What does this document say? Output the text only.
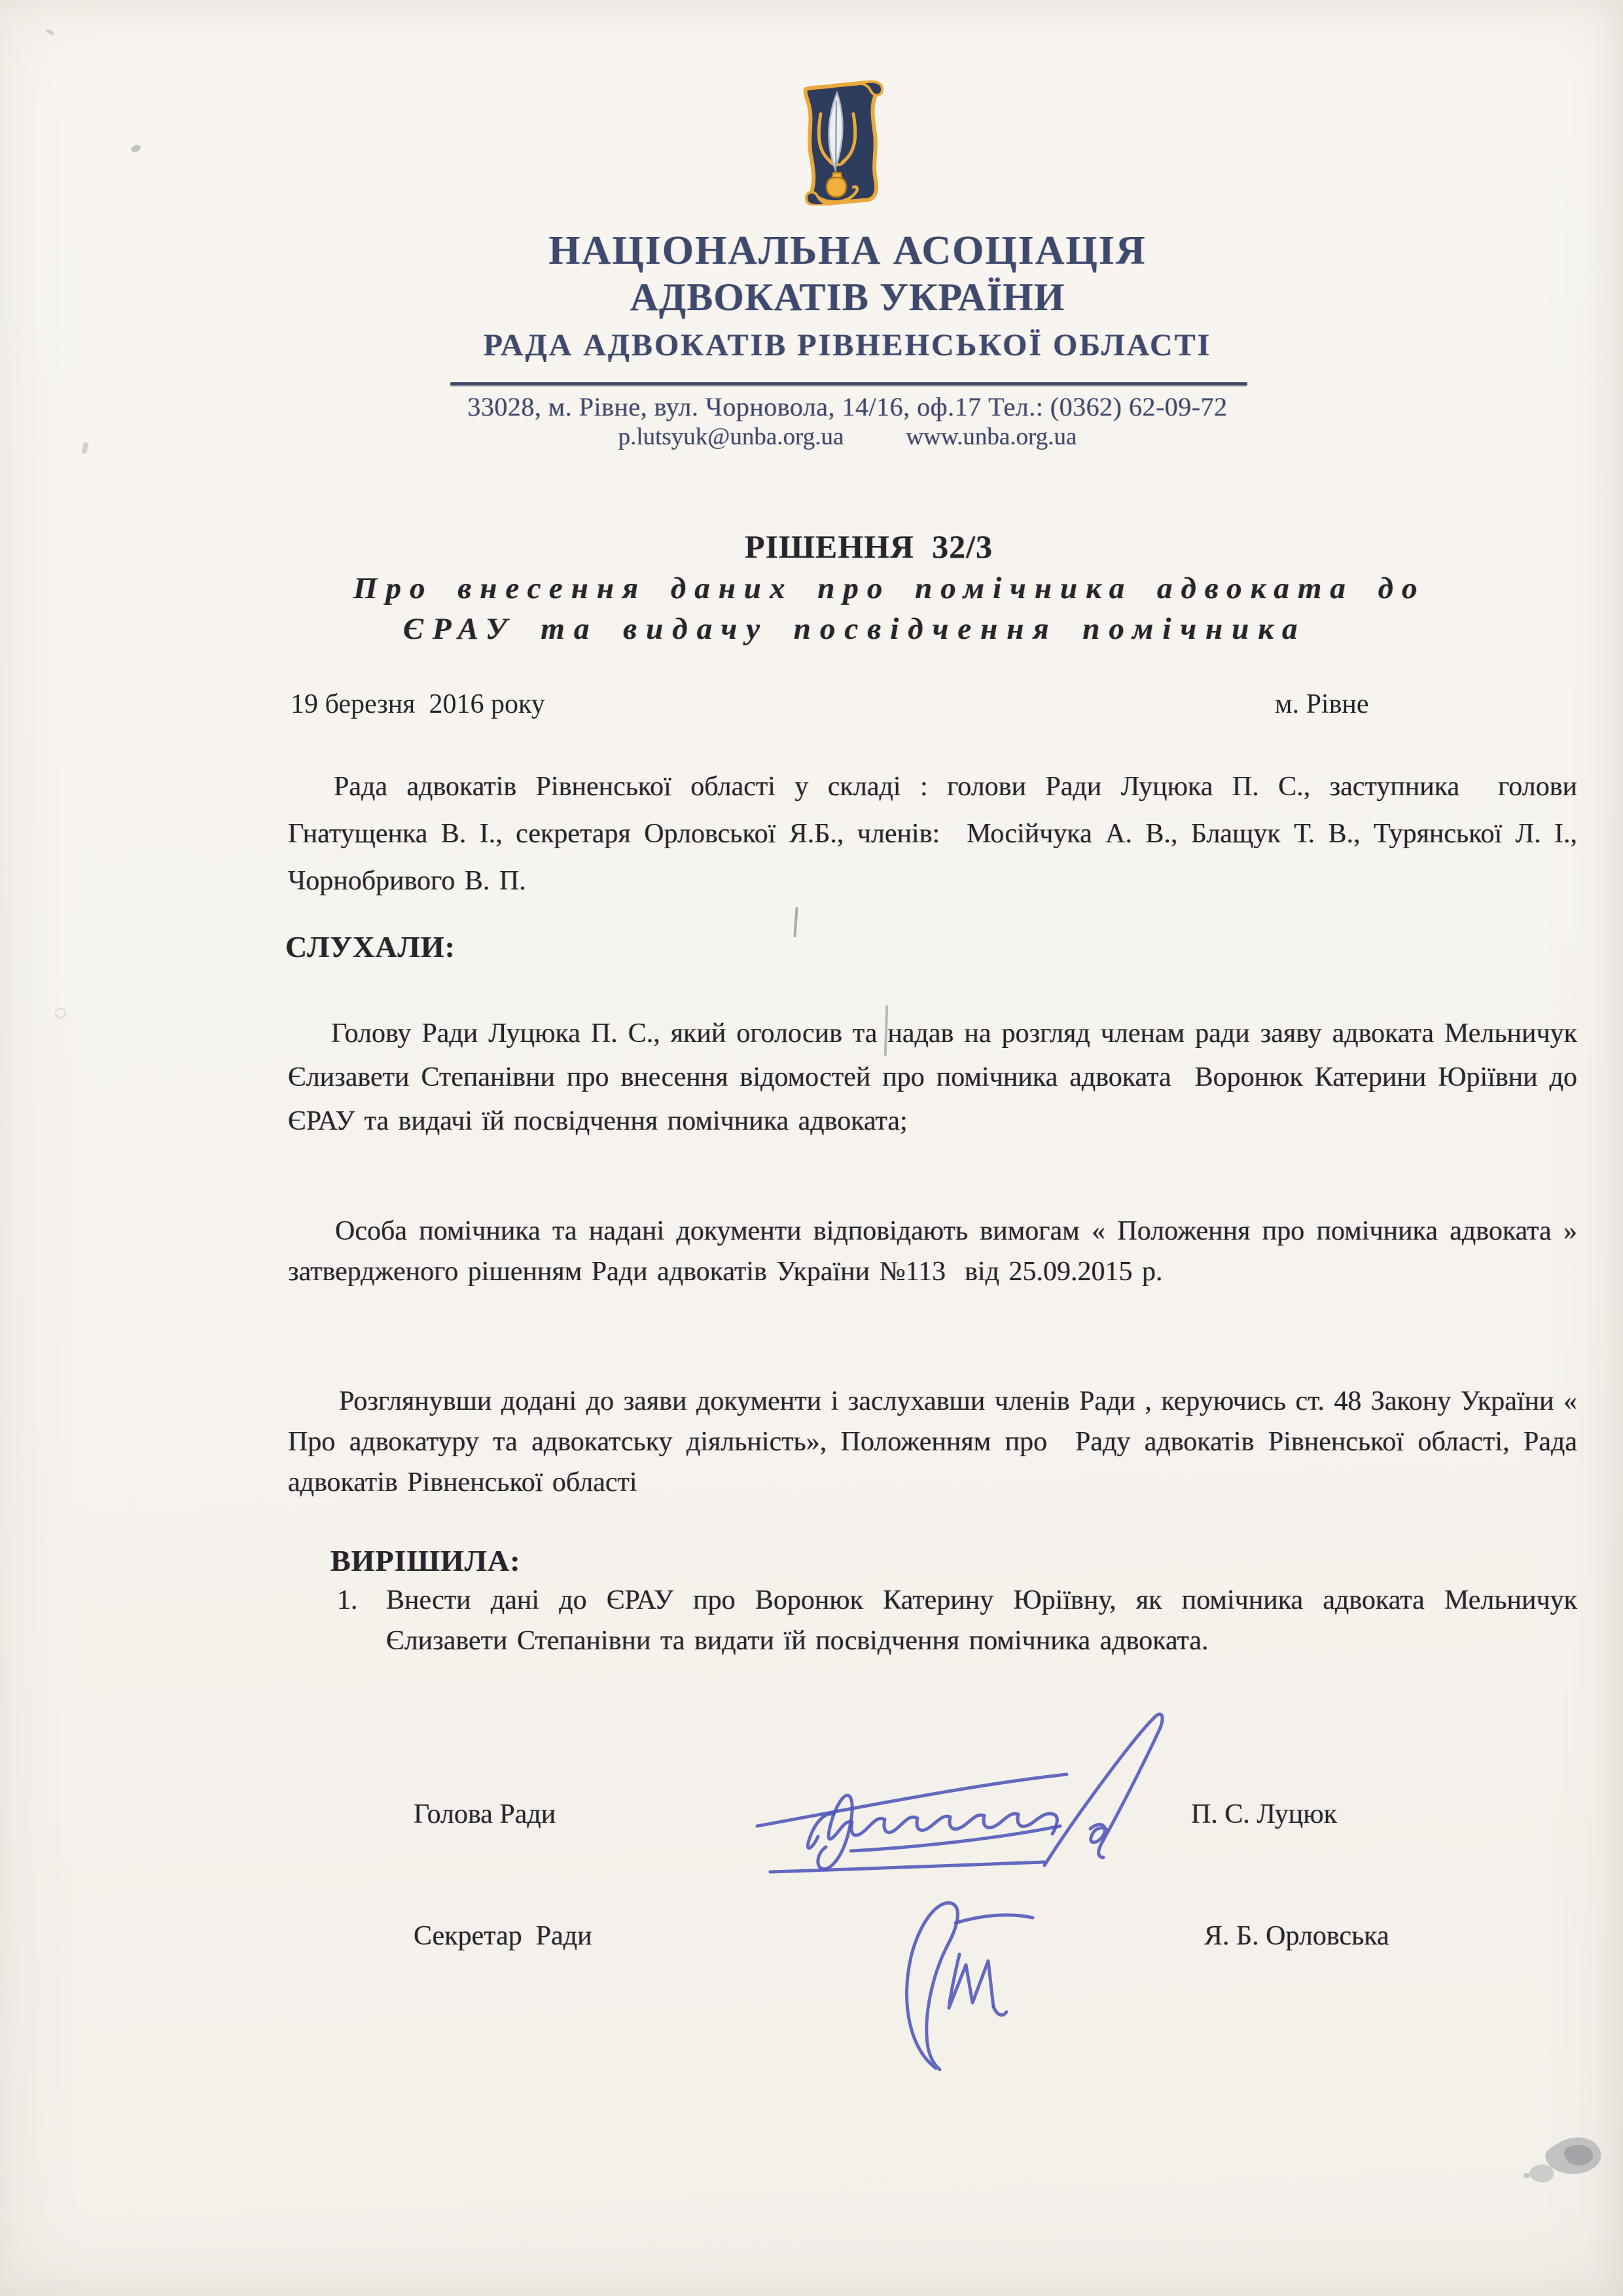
НАЦІОНАЛЬНА АСОЦІАЦІЯ
АДВОКАТІВ УКРАЇНИ
РАДА АДВОКАТІВ РІВНЕНСЬКОЇ ОБЛАСТІ
33028, м. Рівне, вул. Чорновола, 14/16, оф.17 Тел.: (0362) 62-09-72
p.lutsyuk@unba.org.ua	www.unba.org.ua
РІШЕННЯ  32/3
Про внесення даних про помічника адвоката до
ЄРАУ та видачу посвідчення помічника
19 березня  2016 року	м. Рівне
Рада адвокатів Рівненської області у складі : голови Ради Луцюка П. С., заступника  голови Гнатущенка В. І., секретаря Орловської Я.Б., членів:  Мосійчука А. В., Блащук Т. В., Турянської Л. І., Чорнобривого В. П.
СЛУХАЛИ:
Голову Ради Луцюка П. С., який оголосив та надав на розгляд членам ради заяву адвоката Мельничук Єлизавети Степанівни про внесення відомостей про помічника адвоката  Воронюк Катерини Юріївни до ЄРАУ та видачі їй посвідчення помічника адвоката;
Особа помічника та надані документи відповідають вимогам « Положення про помічника адвоката » затвердженого рішенням Ради адвокатів України №113  від 25.09.2015 р.
Розглянувши додані до заяви документи і заслухавши членів Ради , керуючись ст. 48 Закону України « Про адвокатуру та адвокатську діяльність», Положенням про  Раду адвокатів Рівненської області, Рада адвокатів Рівненської області
ВИРІШИЛА:
1.	Внести дані до ЄРАУ про Воронюк Катерину Юріївну, як помічника адвоката Мельничук Єлизавети Степанівни та видати їй посвідчення помічника адвоката.
Голова Ради	П. С. Луцюк
Секретар  Ради	Я. Б. Орловська
